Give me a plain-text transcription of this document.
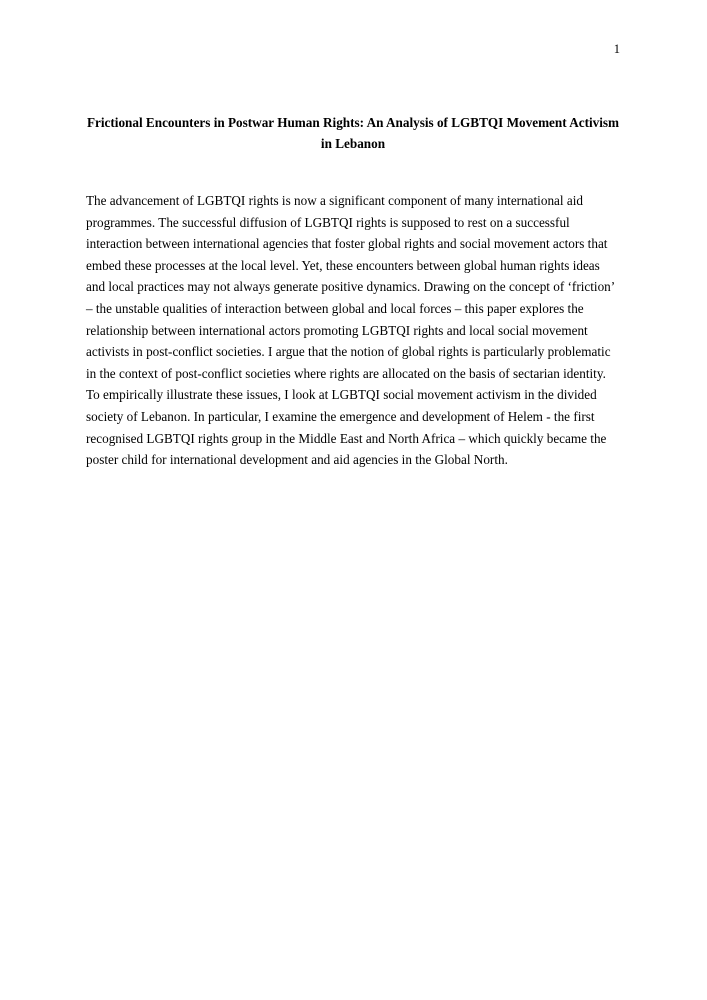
1
Frictional Encounters in Postwar Human Rights: An Analysis of LGBTQI Movement Activism in Lebanon
The advancement of LGBTQI rights is now a significant component of many international aid programmes. The successful diffusion of LGBTQI rights is supposed to rest on a successful interaction between international agencies that foster global rights and social movement actors that embed these processes at the local level. Yet, these encounters between global human rights ideas and local practices may not always generate positive dynamics. Drawing on the concept of ‘friction’ – the unstable qualities of interaction between global and local forces – this paper explores the relationship between international actors promoting LGBTQI rights and local social movement activists in post-conflict societies. I argue that the notion of global rights is particularly problematic in the context of post-conflict societies where rights are allocated on the basis of sectarian identity. To empirically illustrate these issues, I look at LGBTQI social movement activism in the divided society of Lebanon. In particular, I examine the emergence and development of Helem - the first recognised LGBTQI rights group in the Middle East and North Africa – which quickly became the poster child for international development and aid agencies in the Global North.
